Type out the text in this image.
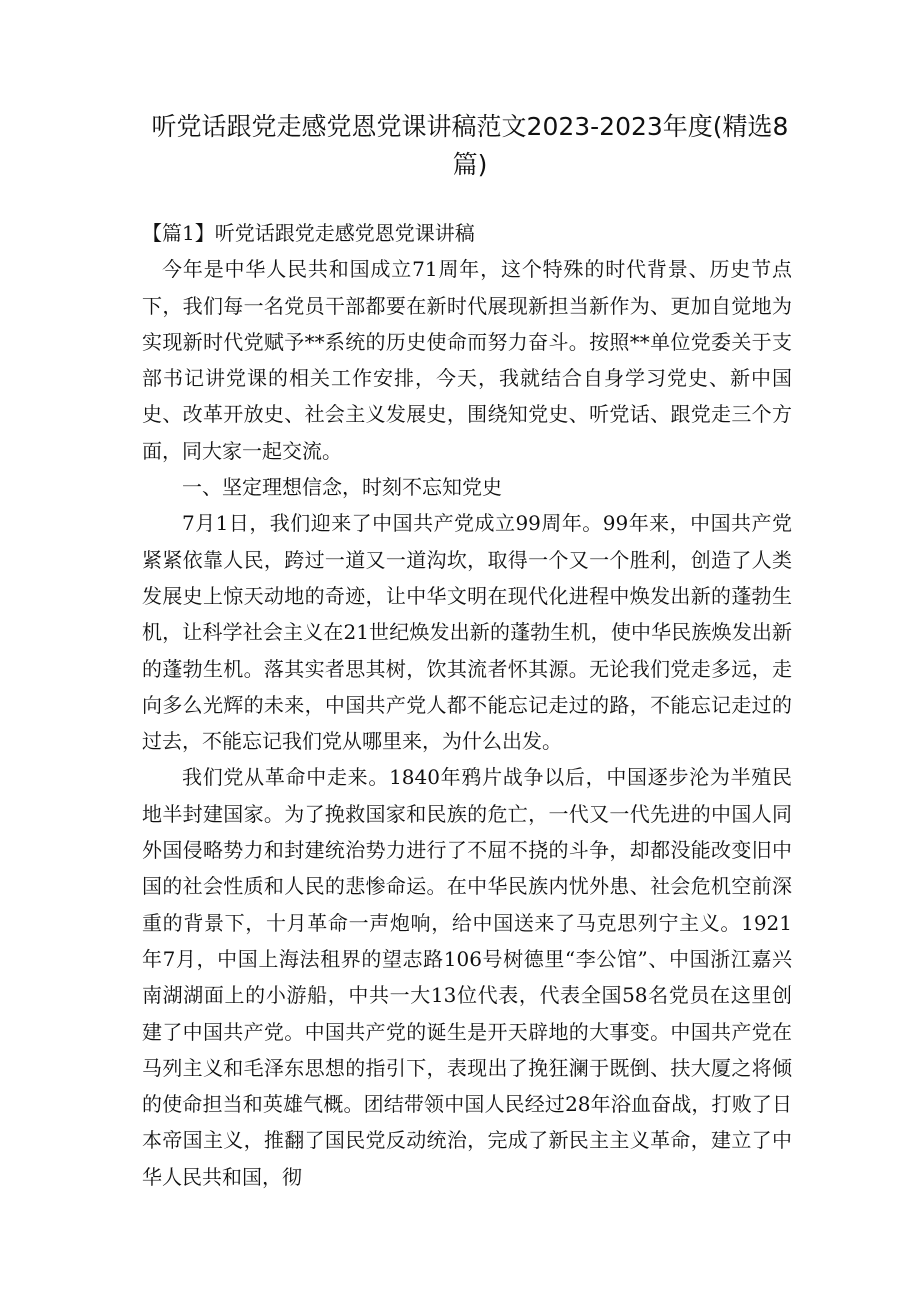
听党话跟党走感党恩党课讲稿范文2023-2023年度(精选8篇)

【篇1】听党话跟党走感党恩党课讲稿

今年是中华人民共和国成立71周年，这个特殊的时代背景、历史节点下，我们每一名党员干部都要在新时代展现新担当新作为、更加自觉地为实现新时代党赋予**系统的历史使命而努力奋斗。按照**单位党委关于支部书记讲党课的相关工作安排，今天，我就结合自身学习党史、新中国史、改革开放史、社会主义发展史，围绕知党史、听党话、跟党走三个方面，同大家一起交流。

一、坚定理想信念，时刻不忘知党史

7月1日，我们迎来了中国共产党成立99周年。99年来，中国共产党紧紧依靠人民，跨过一道又一道沟坎，取得一个又一个胜利，创造了人类发展史上惊天动地的奇迹，让中华文明在现代化进程中焕发出新的蓬勃生机，让科学社会主义在21世纪焕发出新的蓬勃生机，使中华民族焕发出新的蓬勃生机。落其实者思其树，饮其流者怀其源。无论我们党走多远，走向多么光辉的未来，中国共产党人都不能忘记走过的路，不能忘记走过的过去，不能忘记我们党从哪里来，为什么出发。

我们党从革命中走来。1840年鸦片战争以后，中国逐步沦为半殖民地半封建国家。为了挽救国家和民族的危亡，一代又一代先进的中国人同外国侵略势力和封建统治势力进行了不屈不挠的斗争，却都没能改变旧中国的社会性质和人民的悲惨命运。在中华民族内忧外患、社会危机空前深重的背景下，十月革命一声炮响，给中国送来了马克思列宁主义。1921年7月，中国上海法租界的望志路106号树德里“李公馆”、中国浙江嘉兴南湖湖面上的小游船，中共一大13位代表，代表全国58名党员在这里创建了中国共产党。中国共产党的诞生是开天辟地的大事变。中国共产党在马列主义和毛泽东思想的指引下，表现出了挽狂澜于既倒、扶大厦之将倾的使命担当和英雄气概。团结带领中国人民经过28年浴血奋战，打败了日本帝国主义，推翻了国民党反动统治，完成了新民主主义革命，建立了中华人民共和国，彻
